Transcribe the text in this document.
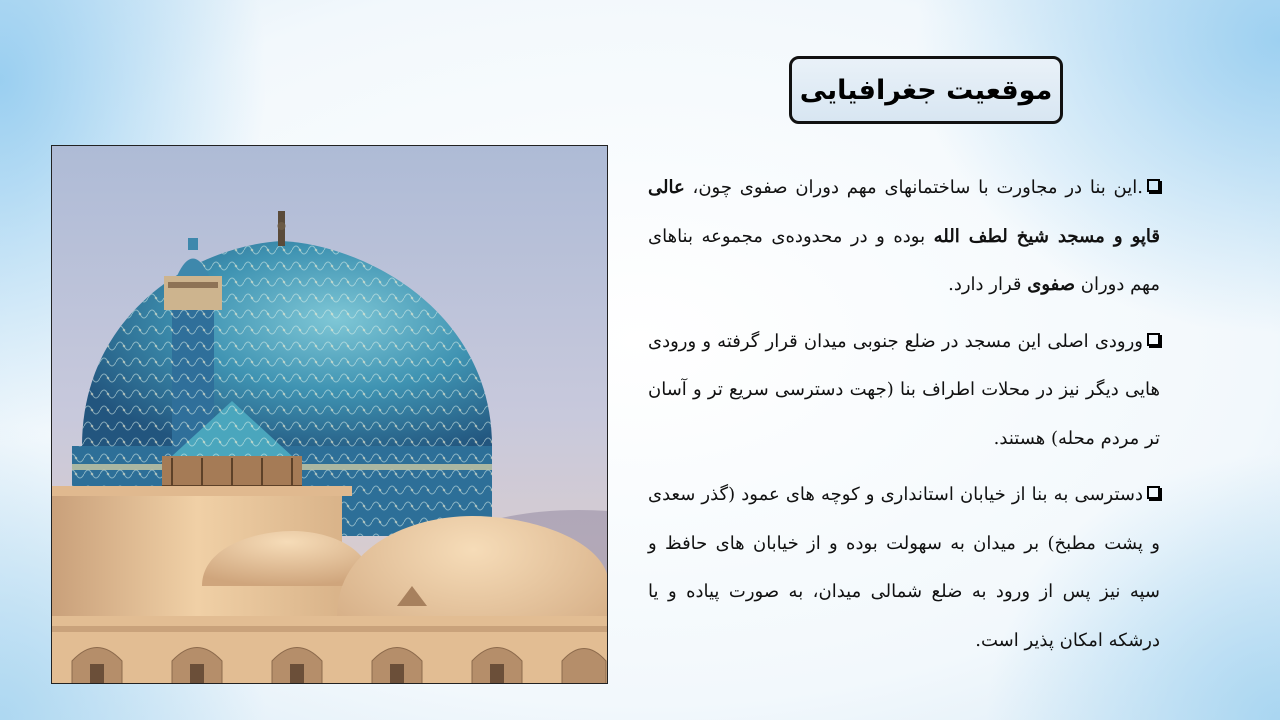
موقعیت جغرافیایی

.این بنا در مجاورت با ساختمانهای مهم دوران صفوی چون، عالی قاپو و مسجد شیخ لطف الله بوده و در محدوده‌ی مجموعه بناهای مهم دوران صفوی قرار دارد.

ورودی اصلی این مسجد در ضلع جنوبی میدان قرار گرفته و ورودی هایی دیگر نیز در محلات اطراف بنا (جهت دسترسی سریع تر و آسان تر مردم محله) هستند.

دسترسی به بنا از خیابان استانداری و کوچه های عمود (گذر سعدی و پشت مطبخ) بر میدان به سهولت بوده و از خیابان های حافظ و سپه نیز پس از ورود به ضلع شمالی میدان، به صورت پیاده و یا درشکه امکان پذیر است.
